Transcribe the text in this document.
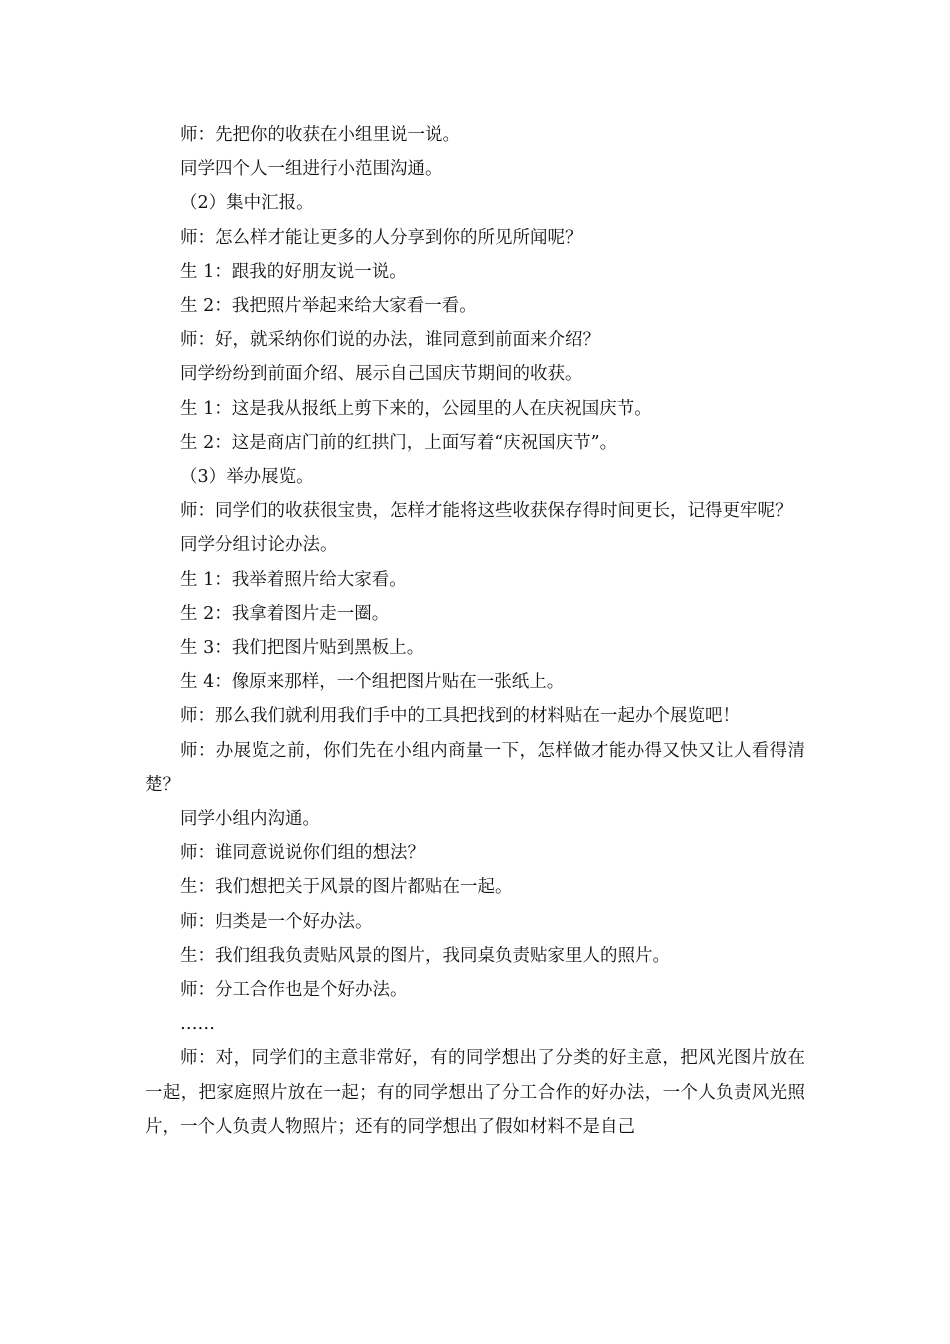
师：先把你的收获在小组里说一说。

同学四个人一组进行小范围沟通。

（2）集中汇报。

师：怎么样才能让更多的人分享到你的所见所闻呢？

生 1：跟我的好朋友说一说。

生 2：我把照片举起来给大家看一看。

师：好，就采纳你们说的办法，谁同意到前面来介绍？

同学纷纷到前面介绍、展示自己国庆节期间的收获。

生 1：这是我从报纸上剪下来的，公园里的人在庆祝国庆节。

生 2：这是商店门前的红拱门，上面写着“庆祝国庆节”。

（3）举办展览。

师：同学们的收获很宝贵，怎样才能将这些收获保存得时间更长，记得更牢呢？

同学分组讨论办法。

生 1：我举着照片给大家看。

生 2：我拿着图片走一圈。

生 3：我们把图片贴到黑板上。

生 4：像原来那样，一个组把图片贴在一张纸上。

师：那么我们就利用我们手中的工具把找到的材料贴在一起办个展览吧！

师：办展览之前，你们先在小组内商量一下，怎样做才能办得又快又让人看得清楚？

同学小组内沟通。

师：谁同意说说你们组的想法？

生：我们想把关于风景的图片都贴在一起。

师：归类是一个好办法。

生：我们组我负责贴风景的图片，我同桌负责贴家里人的照片。

师：分工合作也是个好办法。

……

师：对，同学们的主意非常好，有的同学想出了分类的好主意，把风光图片放在一起，把家庭照片放在一起；有的同学想出了分工合作的好办法，一个人负责风光照片，一个人负责人物照片；还有的同学想出了假如材料不是自己
